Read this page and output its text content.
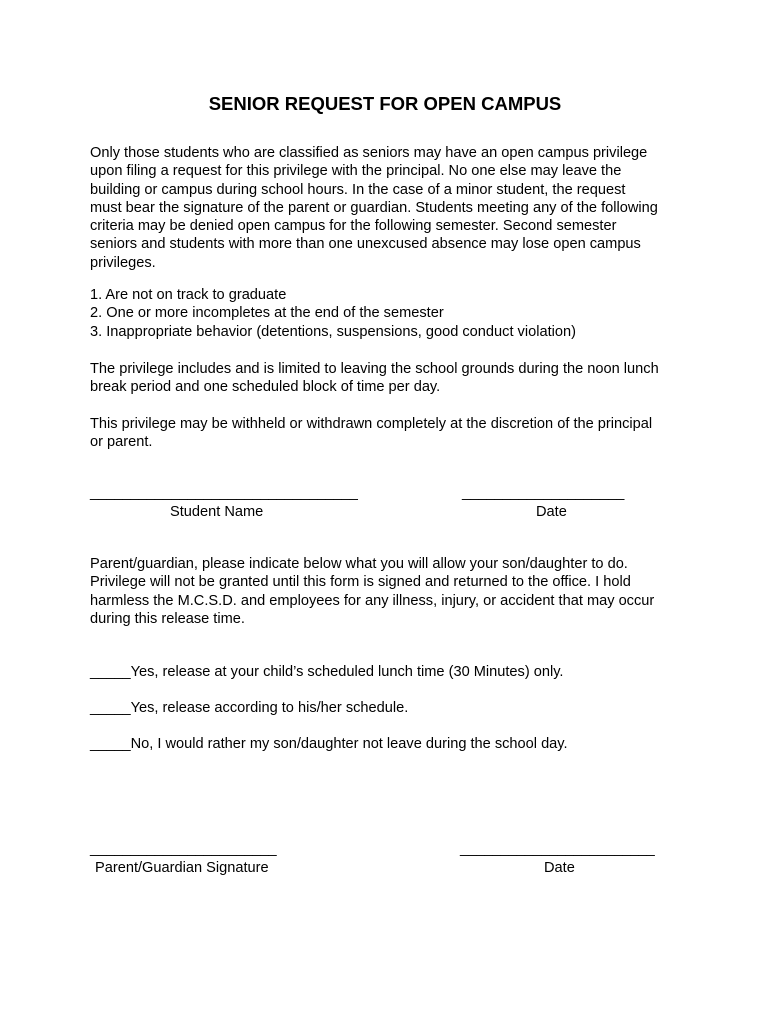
SENIOR REQUEST FOR OPEN CAMPUS

Only those students who are classified as seniors may have an open campus privilege

upon filing a request for this privilege with the principal. No one else may leave the

building or campus during school hours. In the case of a minor student, the request

must bear the signature of the parent or guardian. Students meeting any of the following

criteria may be denied open campus for the following semester. Second semester

seniors and students with more than one unexcused absence may lose open campus

privileges.

1. Are not on track to graduate
2. One or more incompletes at the end of the semester
3. Inappropriate behavior (detentions, suspensions, good conduct violation)

The privilege includes and is limited to leaving the school grounds during the noon lunch

break period and one scheduled block of time per day.

This privilege may be withheld or withdrawn completely at the discretion of the principal

or parent.

_________________________________
Student Name
____________________
Date

Parent/guardian, please indicate below what you will allow your son/daughter to do.

Privilege will not be granted until this form is signed and returned to the office. I hold

harmless the M.C.S.D. and employees for any illness, injury, or accident that may occur

during this release time.

_____Yes, release at your child’s scheduled lunch time (30 Minutes) only.
_____Yes, release according to his/her schedule.
_____No, I would rather my son/daughter not leave during the school day.
_______________________
Parent/Guardian Signature
________________________
Date
